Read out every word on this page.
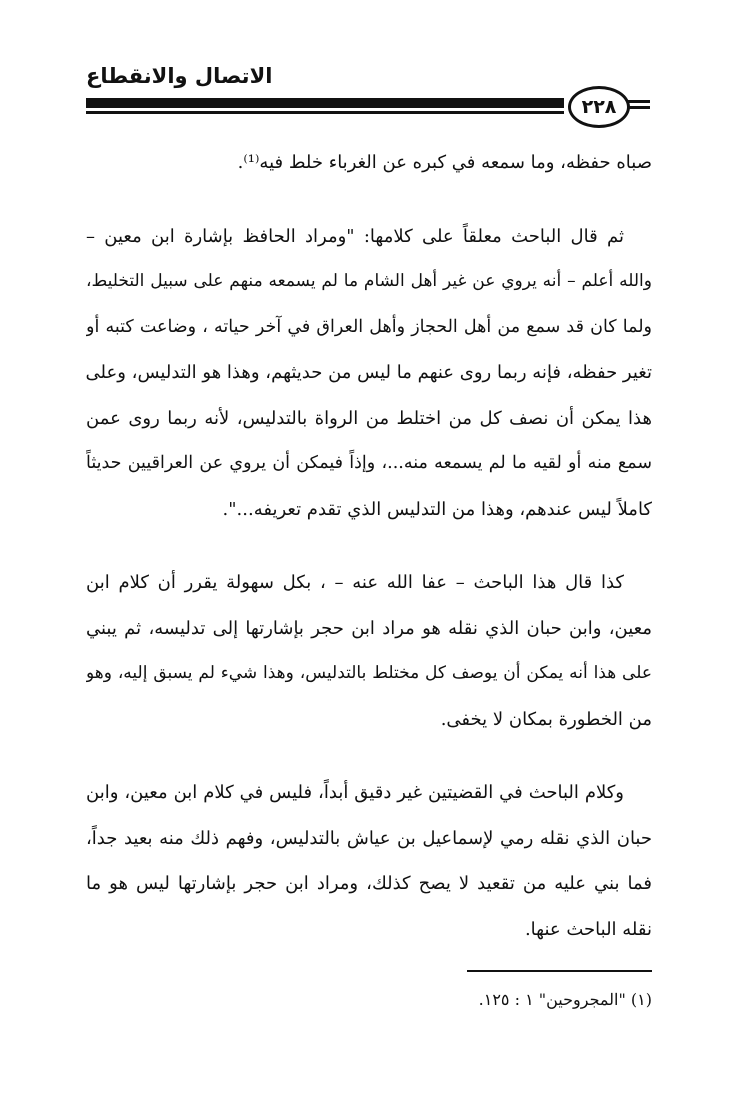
الاتصال والانقطاع
٢٢٨
صباه حفظه، وما سمعه في كبره عن الغرباء خلط فيه⁽¹⁾.
ثم قال الباحث معلقاً على كلامها: "ومراد الحافظ بإشارة ابن معين –
والله أعلم – أنه يروي عن غير أهل الشام ما لم يسمعه منهم على سبيل التخليط،
ولما كان قد سمع من أهل الحجاز وأهل العراق في آخر حياته ، وضاعت كتبه أو
تغير حفظه، فإنه ربما روى عنهم ما ليس من حديثهم، وهذا هو التدليس، وعلى
هذا يمكن أن نصف كل من اختلط من الرواة بالتدليس، لأنه ربما روى عمن
سمع منه أو لقيه ما لم يسمعه منه...، وإذاً فيمكن أن يروي عن العراقيين حديثاً
كاملاً ليس عندهم، وهذا من التدليس الذي تقدم تعريفه...".
كذا قال هذا الباحث – عفا الله عنه – ، بكل سهولة يقرر أن كلام ابن
معين، وابن حبان الذي نقله هو مراد ابن حجر بإشارتها إلى تدليسه، ثم يبني
على هذا أنه يمكن أن يوصف كل مختلط بالتدليس، وهذا شيء لم يسبق إليه، وهو
من الخطورة بمكان لا يخفى.
وكلام الباحث في القضيتين غير دقيق أبداً، فليس في كلام ابن معين، وابن
حبان الذي نقله رمي لإسماعيل بن عياش بالتدليس، وفهم ذلك منه بعيد جداً،
فما بني عليه من تقعيد لا يصح كذلك، ومراد ابن حجر بإشارتها ليس هو ما
نقله الباحث عنها.
(١) "المجروحين" ١ : ١٢٥.
